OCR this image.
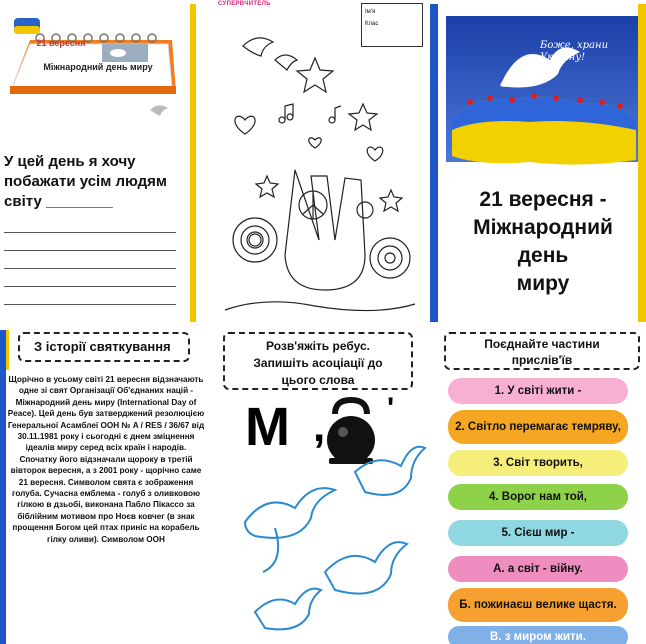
21 вересня
Міжнародний день миру
У цей день я хочу побажати усім людям світу ________
СУПЕРВЧИТЕЛЬ
Ім'я
Клас
Боже, храни Україну!
21 вересня -
Міжнародний
день
миру
З історії святкування
Щорічно в усьому світі 21 вересня відзначають одне зі свят Організації Об'єднаних націй - Міжнародний день миру (International Day of Peace). Цей день був затверджений резолюцією Генеральної Асамблеї ООН № A / RES / 36/67 від 30.11.1981 року і сьогодні є днем зміцнення ідеалів миру серед всіх країн і народів. Спочатку його відзначали щороку в третій вівторок вересня, а з 2001 року - щорічно саме 21 вересня. Символом свята є зображення голуба. Сучасна емблема - голуб з оливковою гілкою в дзьобі, виконана Пабло Пікассо за біблійним мотивом про Ноєв ковчег (в знак прощення Богом цей птах приніс на корабель гілку оливи). Символом ООН
Розв'яжіть ребус.
Запишіть асоціації до
цього слова
М , '
Поєднайте частини
прислів'їв
1. У світі жити -
2. Світло перемагає темряву,
3. Світ творить,
4. Ворог нам той,
5. Сієш мир -
А. а світ - війну.
Б. пожинаєш велике щастя.
В. з миром жити.
